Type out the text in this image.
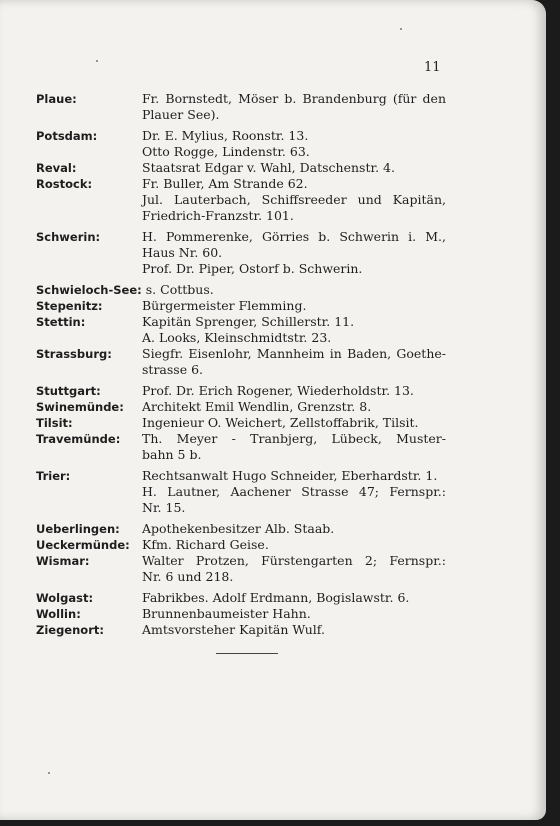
11
Plaue:	Fr. Bornstedt, Möser b. Brandenburg (für den
Plauer See).
Potsdam:	Dr. E. Mylius, Roonstr. 13.
Otto Rogge, Lindenstr. 63.
Reval:	Staatsrat Edgar v. Wahl, Datschenstr. 4.
Rostock:	Fr. Buller, Am Strande 62.
Jul. Lauterbach, Schiffsreeder und Kapitän,
Friedrich-Franzstr. 101.
Schwerin:	H. Pommerenke, Görries b. Schwerin i. M.,
Haus Nr. 60.
Prof. Dr. Piper, Ostorf b. Schwerin.
Schwieloch-See: s. Cottbus.
Stepenitz:	Bürgermeister Flemming.
Stettin:	Kapitän Sprenger, Schillerstr. 11.
A. Looks, Kleinschmidtstr. 23.
Strassburg:	Siegfr. Eisenlohr, Mannheim in Baden, Goethe-
strasse 6.
Stuttgart:	Prof. Dr. Erich Rogener, Wiederholdstr. 13.
Swinemünde:	Architekt Emil Wendlin, Grenzstr. 8.
Tilsit:	Ingenieur O. Weichert, Zellstoffabrik, Tilsit.
Travemünde:	Th. Meyer - Tranbjerg, Lübeck, Muster-
bahn 5 b.
Trier:	Rechtsanwalt Hugo Schneider, Eberhardstr. 1.
H. Lautner, Aachener Strasse 47; Fernspr.:
Nr. 15.
Ueberlingen:	Apothekenbesitzer Alb. Staab.
Ueckermünde: Kfm. Richard Geise.
Wismar:	Walter Protzen, Fürstengarten 2; Fernspr.:
Nr. 6 und 218.
Wolgast:	Fabrikbes. Adolf Erdmann, Bogislawstr. 6.
Wollin:	Brunnenbaumeister Hahn.
Ziegenort:	Amtsvorsteher Kapitän Wulf.
